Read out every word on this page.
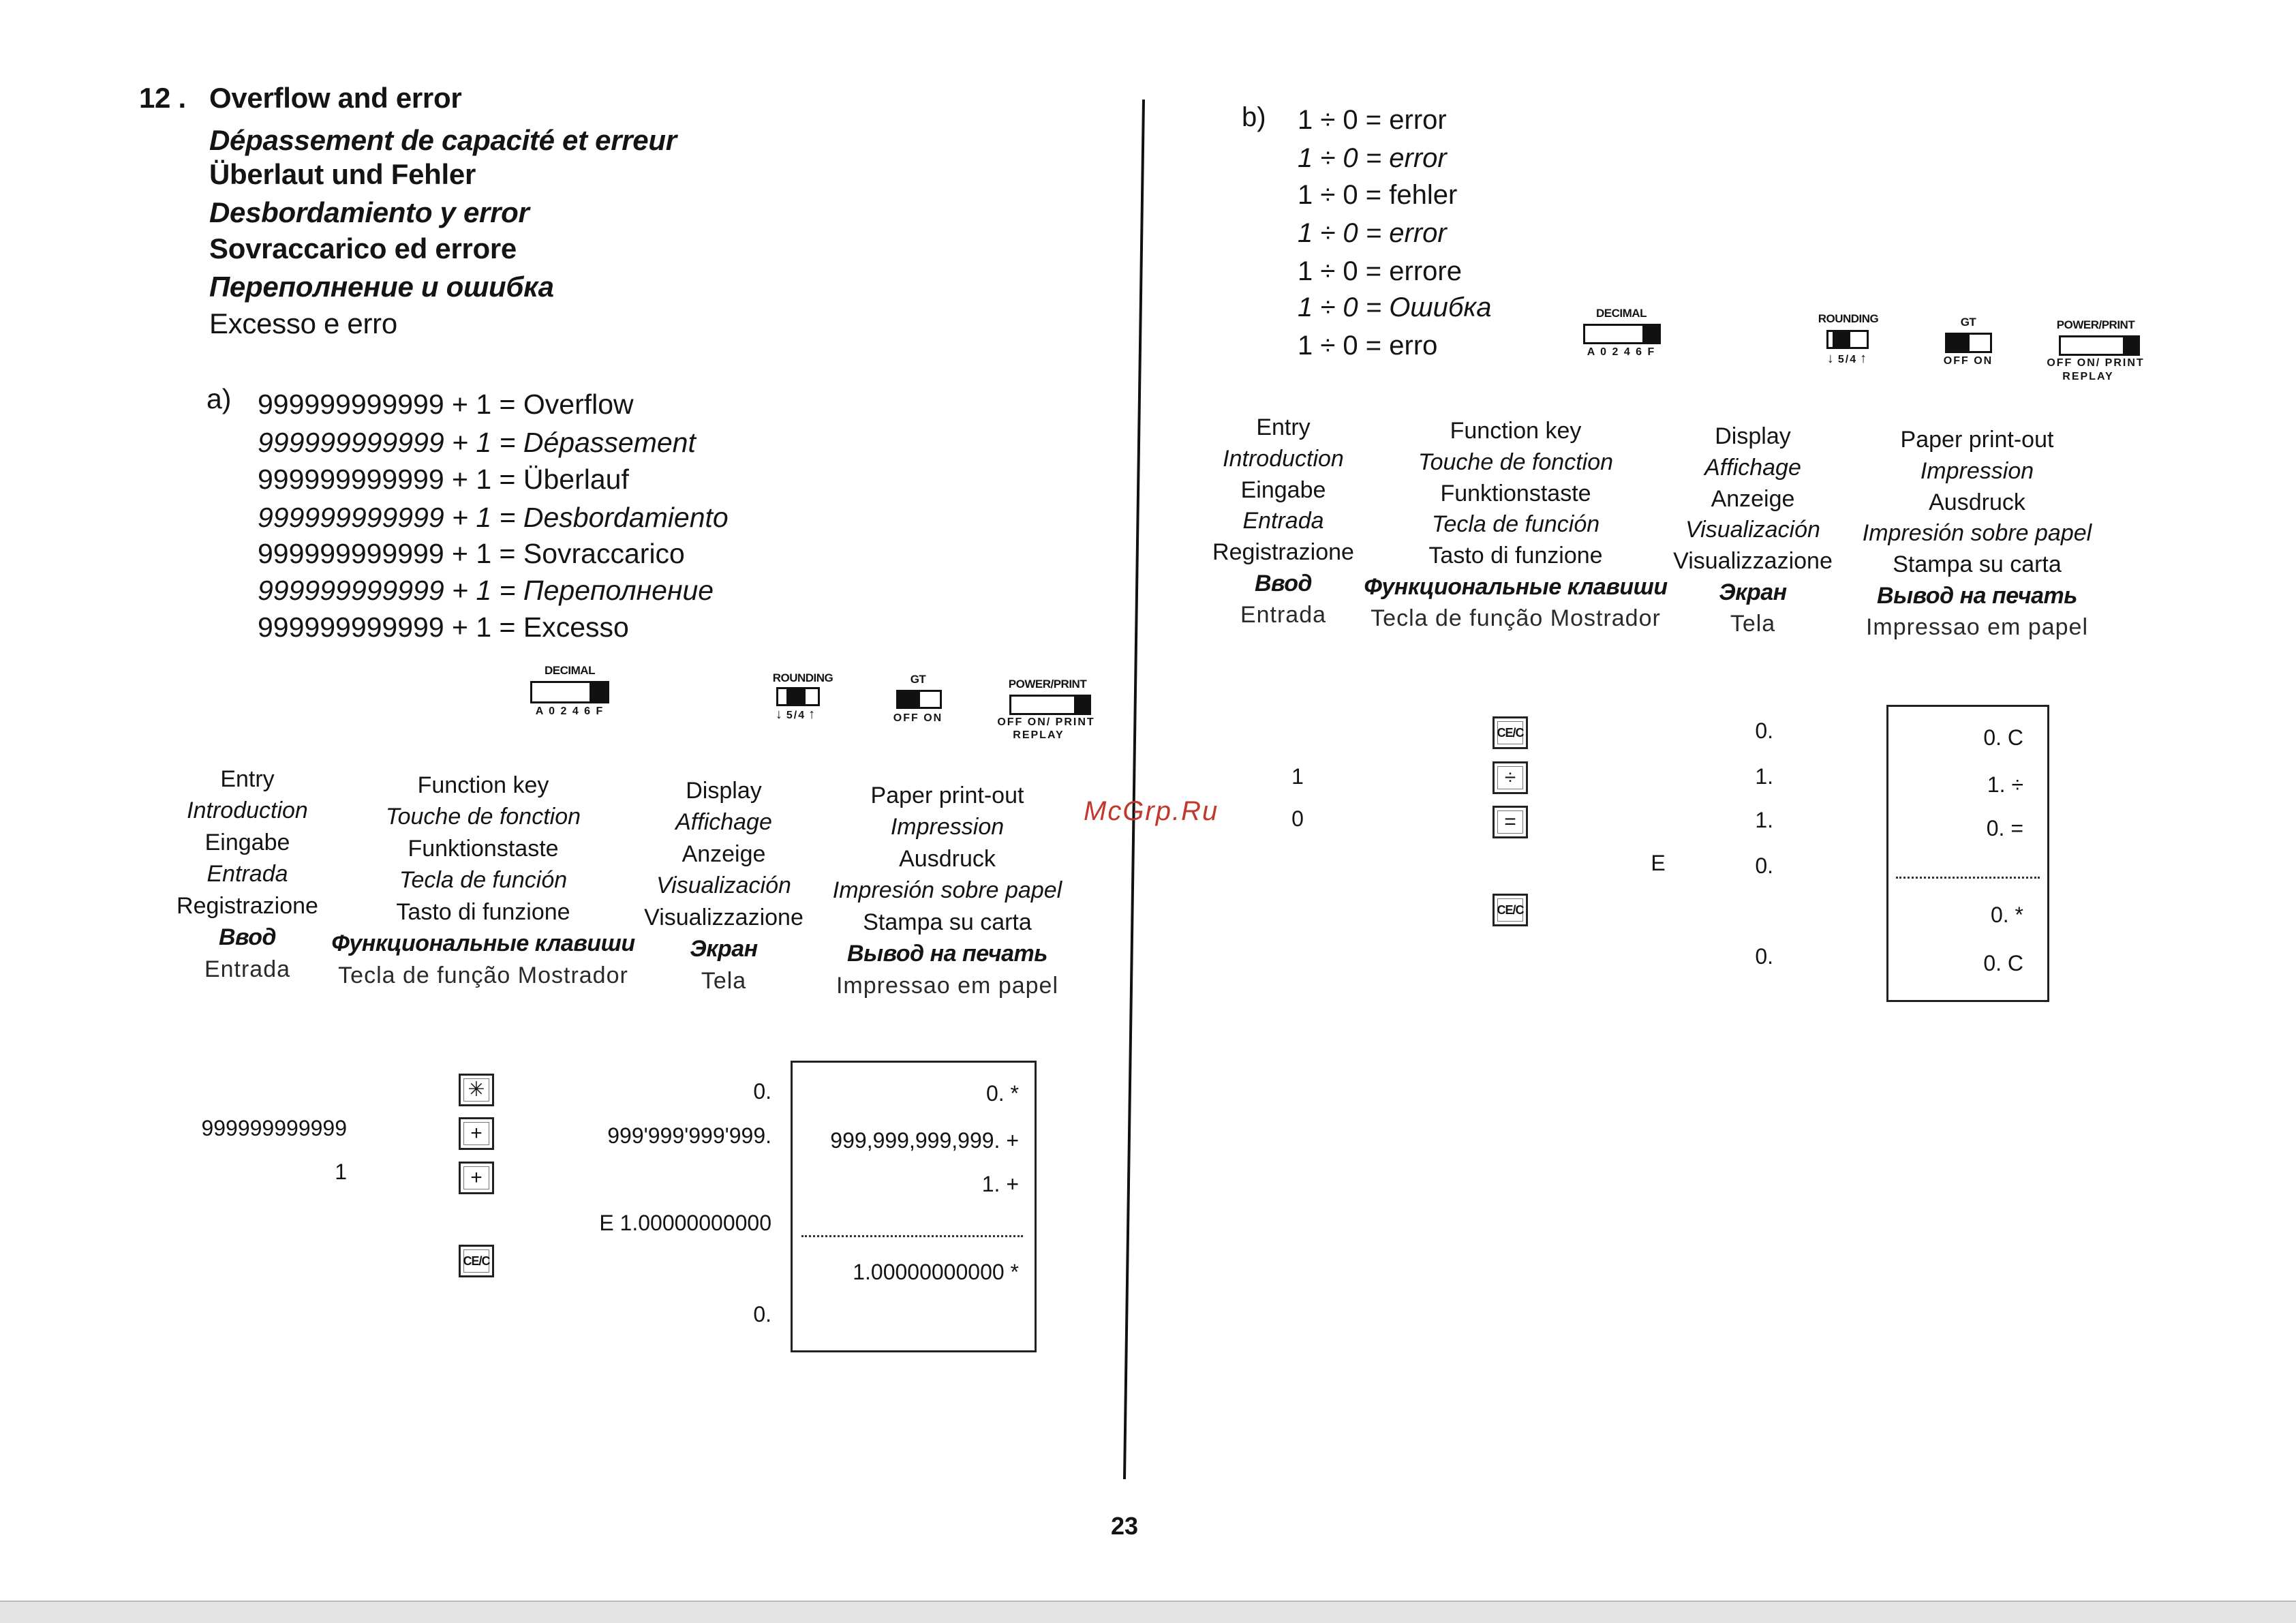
12 . Overflow and error
Dépassement de capacité et erreur
Überlaut und Fehler
Desbordamiento y error
Sovraccarico ed errore
Переполнение и ошибка
Excesso e erro
a) 999999999999 + 1 = Overflow
999999999999 + 1 = Dépassement
999999999999 + 1 = Überlauf
999999999999 + 1 = Desbordamiento
999999999999 + 1 = Sovraccarico
999999999999 + 1 = Переполнение
999999999999 + 1 = Excesso
DECIMAL
A 0 2 4 6 F
ROUNDING
↓ 5/4↑
GT
OFF ON
POWER/PRINT
OFF ON/ PRINT
REPLAY
Entry
Introduction
Eingabe
Entrada
Registrazione
Ввод
Entrada
Function key
Touche de fonction
Funktionstaste
Tecla de función
Tasto di funzione
Функциональные клавиши
Tecla de função Mostrador
Display
Affichage
Anzeige
Visualización
Visualizzazione
Экран
Tela
Paper print-out
Impression
Ausdruck
Impresión sobre papel
Stampa su carta
Вывод на печать
Impressao em papel
✳
+
+
CE/C
999999999999
1
0.
999'999'999'999.
E 1.00000000000
0.
0. *
999,999,999,999. +
1. +
1.00000000000 *
McGrp.Ru
b) 1 ÷ 0 = error
1 ÷ 0 = error
1 ÷ 0 = fehler
1 ÷ 0 = error
1 ÷ 0 = errore
1 ÷ 0 = Ошибка
1 ÷ 0 = erro
DECIMAL
A 0 2 4 6 F
ROUNDING
↓ 5/4↑
GT
OFF ON
POWER/PRINT
OFF ON/ PRINT
REPLAY
Entry
Introduction
Eingabe
Entrada
Registrazione
Ввод
Entrada
Function key
Touche de fonction
Funktionstaste
Tecla de función
Tasto di funzione
Функциональные клавиши
Tecla de função Mostrador
Display
Affichage
Anzeige
Visualización
Visualizzazione
Экран
Tela
Paper print-out
Impression
Ausdruck
Impresión sobre papel
Stampa su carta
Вывод на печать
Impressao em papel
CE/C
÷
=
CE/C
1
0
E
0.
1.
1.
0.
0.
0. C
1. ÷
0. =
0. *
0. C
23
